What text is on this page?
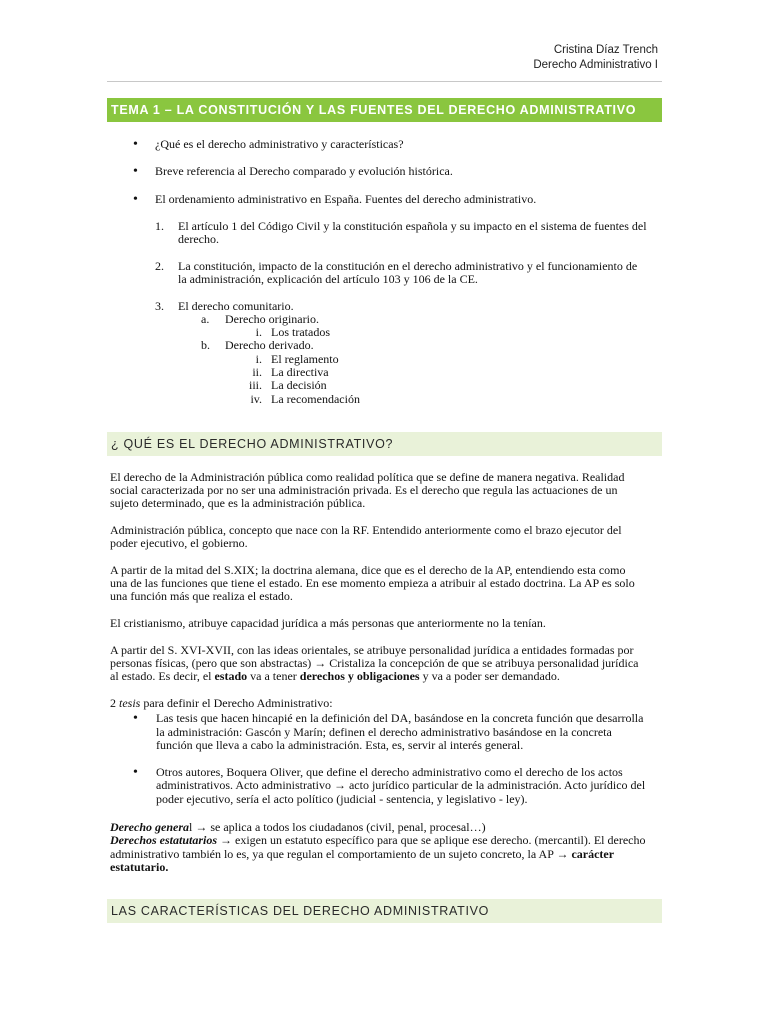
Cristina Díaz Trench
Derecho Administrativo I
TEMA 1 – LA CONSTITUCIÓN Y LAS FUENTES DEL DERECHO ADMINISTRATIVO
•
¿Qué es el derecho administrativo y características?
•
Breve referencia al Derecho comparado y evolución histórica.
•
El ordenamiento administrativo en España. Fuentes del derecho administrativo.
1. El artículo 1 del Código Civil y la constitución española y su impacto en el sistema de fuentes del
derecho.
2. La constitución, impacto de la constitución en el derecho administrativo y el funcionamiento de
la administración, explicación del artículo 103 y 106 de la CE.
3. El derecho comunitario.
a. Derecho originario.
i. Los tratados
b. Derecho derivado.
i. El reglamento
ii. La directiva
iii. La decisión
iv. La recomendación
¿ QUÉ ES EL DERECHO ADMINISTRATIVO?
El derecho de la Administración pública como realidad política que se define de manera negativa. Realidad
social caracterizada por no ser una administración privada. Es el derecho que regula las actuaciones de un
sujeto determinado, que es la administración pública.
Administración pública, concepto que nace con la RF. Entendido anteriormente como el brazo ejecutor del
poder ejecutivo, el gobierno.
A partir de la mitad del S.XIX; la doctrina alemana, dice que es el derecho de la AP, entendiendo esta como
una de las funciones que tiene el estado. En ese momento empieza a atribuir al estado doctrina. La AP es solo
una función más que realiza el estado.
El cristianismo, atribuye capacidad jurídica a más personas que anteriormente no la tenían.
A partir del S. XVI-XVII, con las ideas orientales, se atribuye personalidad jurídica a entidades formadas por
personas físicas, (pero que son abstractas) → Cristaliza la concepción de que se atribuya personalidad jurídica
al estado. Es decir, el estado va a tener derechos y obligaciones y va a poder ser demandado.
2 tesis para definir el Derecho Administrativo:
•
Las tesis que hacen hincapié en la definición del DA, basándose en la concreta función que desarrolla
la administración: Gascón y Marín; definen el derecho administrativo basándose en la concreta
función que lleva a cabo la administración. Esta, es, servir al interés general.
•
Otros autores, Boquera Oliver, que define el derecho administrativo como el derecho de los actos
administrativos. Acto administrativo → acto jurídico particular de la administración. Acto jurídico del
poder ejecutivo, sería el acto político (judicial - sentencia, y legislativo - ley).
Derecho general → se aplica a todos los ciudadanos (civil, penal, procesal…)
Derechos estatutarios → exigen un estatuto específico para que se aplique ese derecho. (mercantil). El derecho
administrativo también lo es, ya que regulan el comportamiento de un sujeto concreto, la AP → carácter
estatutario.
LAS CARACTERÍSTICAS DEL DERECHO ADMINISTRATIVO
